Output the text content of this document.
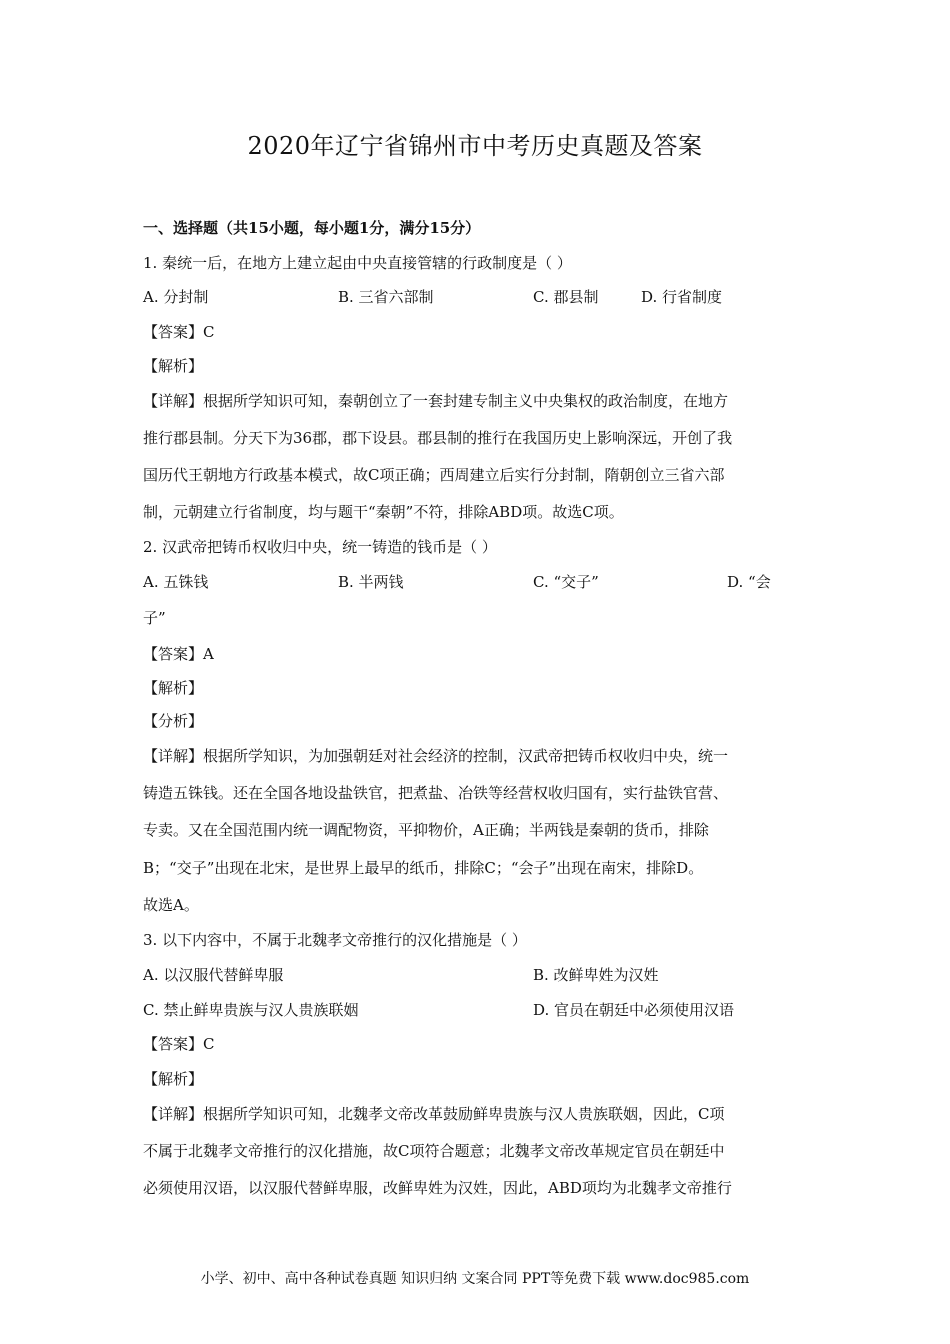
2020年辽宁省锦州市中考历史真题及答案
一、选择题（共15小题，每小题1分，满分15分）
1. 秦统一后，在地方上建立起由中央直接管辖的行政制度是（ ）
A. 分封制	B. 三省六部制	C. 郡县制	D. 行省制度
【答案】C
【解析】
【详解】根据所学知识可知，秦朝创立了一套封建专制主义中央集权的政治制度，在地方
推行郡县制。分天下为36郡，郡下设县。郡县制的推行在我国历史上影响深远，开创了我
国历代王朝地方行政基本模式，故C项正确；西周建立后实行分封制，隋朝创立三省六部
制，元朝建立行省制度，均与题干“秦朝”不符，排除ABD项。故选C项。
2. 汉武帝把铸币权收归中央，统一铸造的钱币是（ ）
A. 五铢钱	B. 半两钱	C. “交子”	D. “会
子”
【答案】A
【解析】
【分析】
【详解】根据所学知识，为加强朝廷对社会经济的控制，汉武帝把铸币权收归中央，统一
铸造五铢钱。还在全国各地设盐铁官，把煮盐、冶铁等经营权收归国有，实行盐铁官营、
专卖。又在全国范围内统一调配物资，平抑物价，A正确；半两钱是秦朝的货币，排除
B；“交子”出现在北宋，是世界上最早的纸币，排除C；“会子”出现在南宋，排除D。
故选A。
3. 以下内容中，不属于北魏孝文帝推行的汉化措施是（ ）
A. 以汉服代替鲜卑服	B. 改鲜卑姓为汉姓
C. 禁止鲜卑贵族与汉人贵族联姻	D. 官员在朝廷中必须使用汉语
【答案】C
【解析】
【详解】根据所学知识可知，北魏孝文帝改革鼓励鲜卑贵族与汉人贵族联姻，因此，C项
不属于北魏孝文帝推行的汉化措施，故C项符合题意；北魏孝文帝改革规定官员在朝廷中
必须使用汉语，以汉服代替鲜卑服，改鲜卑姓为汉姓，因此，ABD项均为北魏孝文帝推行
小学、初中、高中各种试卷真题 知识归纳 文案合同 PPT等免费下载 www.doc985.com
